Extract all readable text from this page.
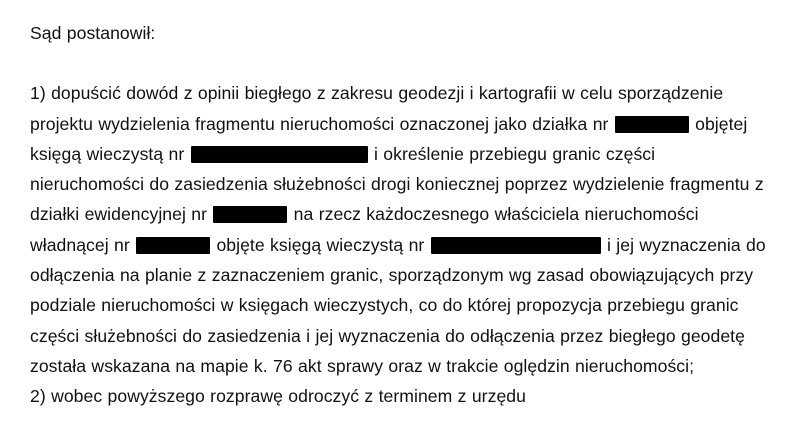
Sąd postanowił:

1) dopuścić dowód z opinii biegłego z zakresu geodezji i kartografii w celu sporządzenie projektu wydzielenia fragmentu nieruchomości oznaczonej jako działka nr	objętej księgą wieczystą nr	i określenie przebiegu granic części nieruchomości do zasiedzenia służebności drogi koniecznej poprzez wydzielenie fragmentu z działki ewidencyjnej nr	na rzecz każdoczesnego właściciela nieruchomości władnącej nr	objęte księgą wieczystą nr	i jej wyznaczenia do odłączenia na planie z zaznaczeniem granic, sporządzonym wg zasad obowiązujących przy podziale nieruchomości w księgach wieczystych, co do której propozycja przebiegu granic części służebności do zasiedzenia i jej wyznaczenia do odłączenia przez biegłego geodetę została wskazana na mapie k. 76 akt sprawy oraz w trakcie oględzin nieruchomości;

2) wobec powyższego rozprawę odroczyć z terminem z urzędu
